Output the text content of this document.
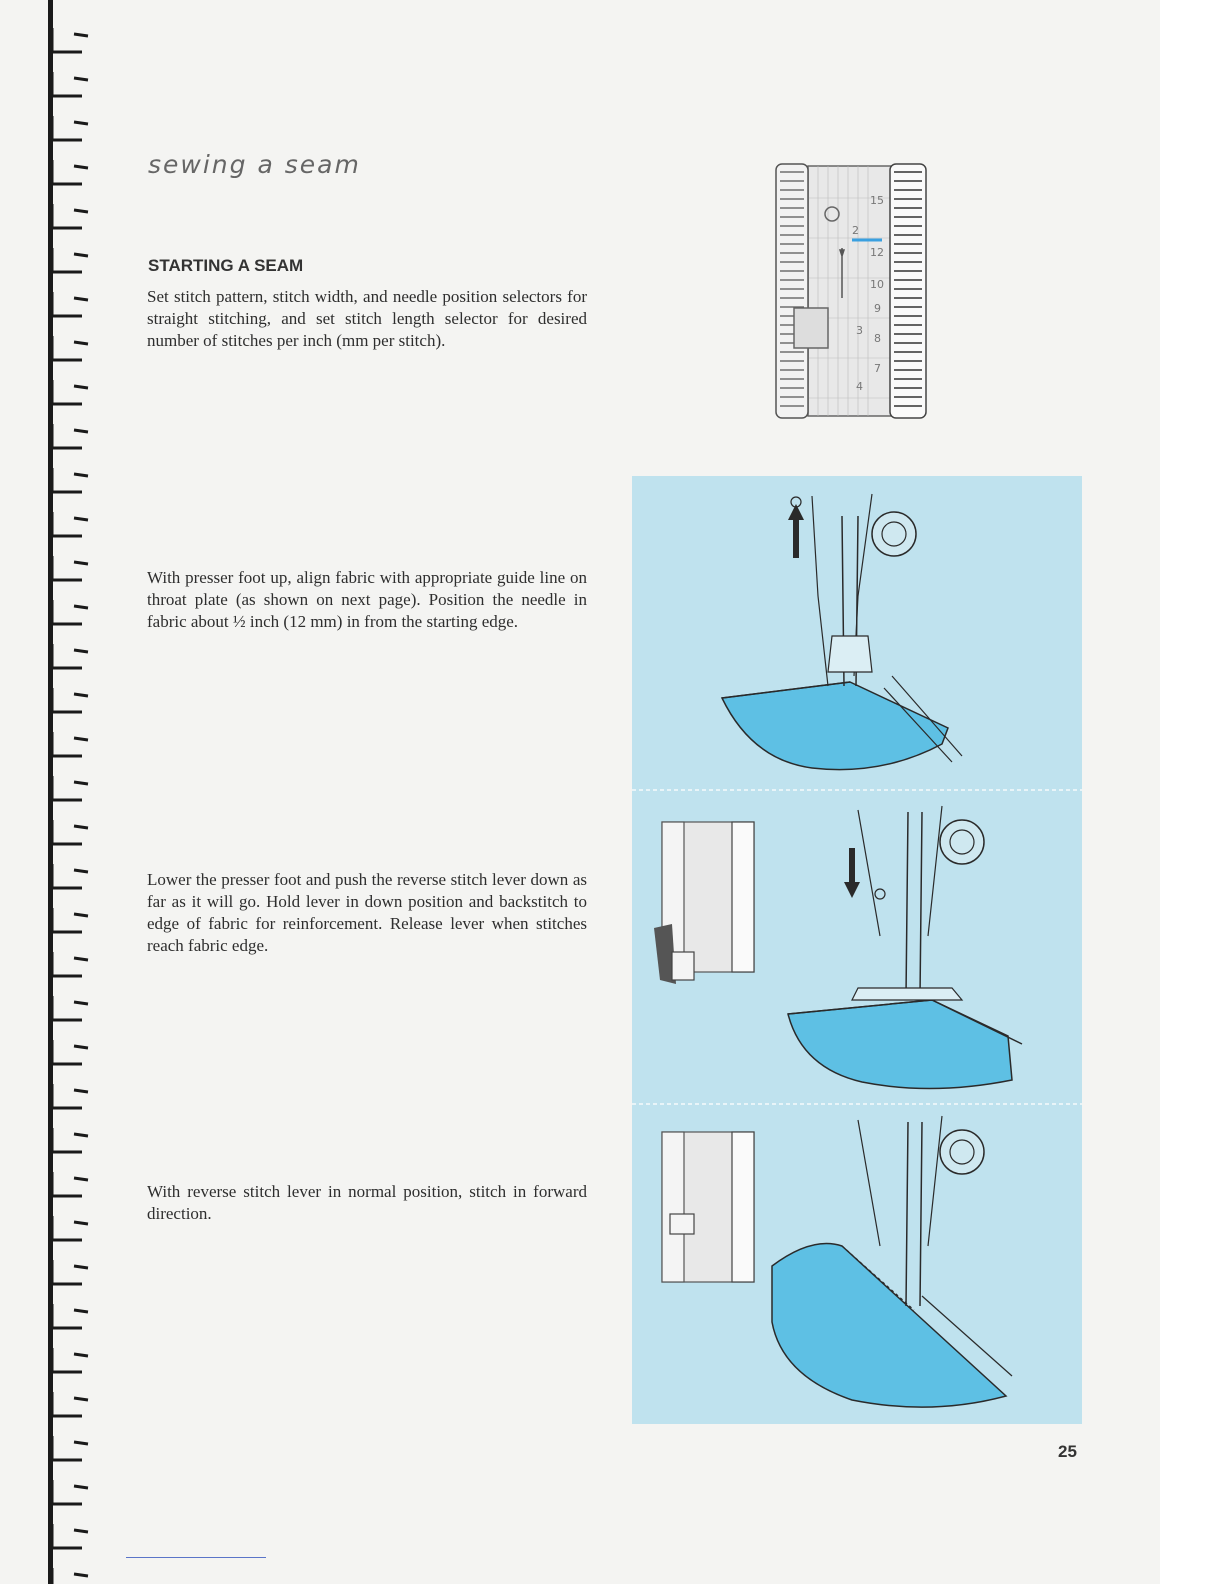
sewing a seam
STARTING A SEAM

Set stitch pattern, stitch width, and needle position selectors for straight stitching, and set stitch length selector for desired number of stitches per inch (mm per stitch).

With presser foot up, align fabric with appropriate guide line on throat plate (as shown on next page). Position the needle in fabric about ½ inch (12 mm) in from the starting edge.

Lower the presser foot and push the reverse stitch lever down as far as it will go. Hold lever in down position and backstitch to edge of fabric for reinforcement. Release lever when stitches reach fabric edge.

With reverse stitch lever in normal position, stitch in forward direction.

15
12
10
9
8
7
2
3
4
25
